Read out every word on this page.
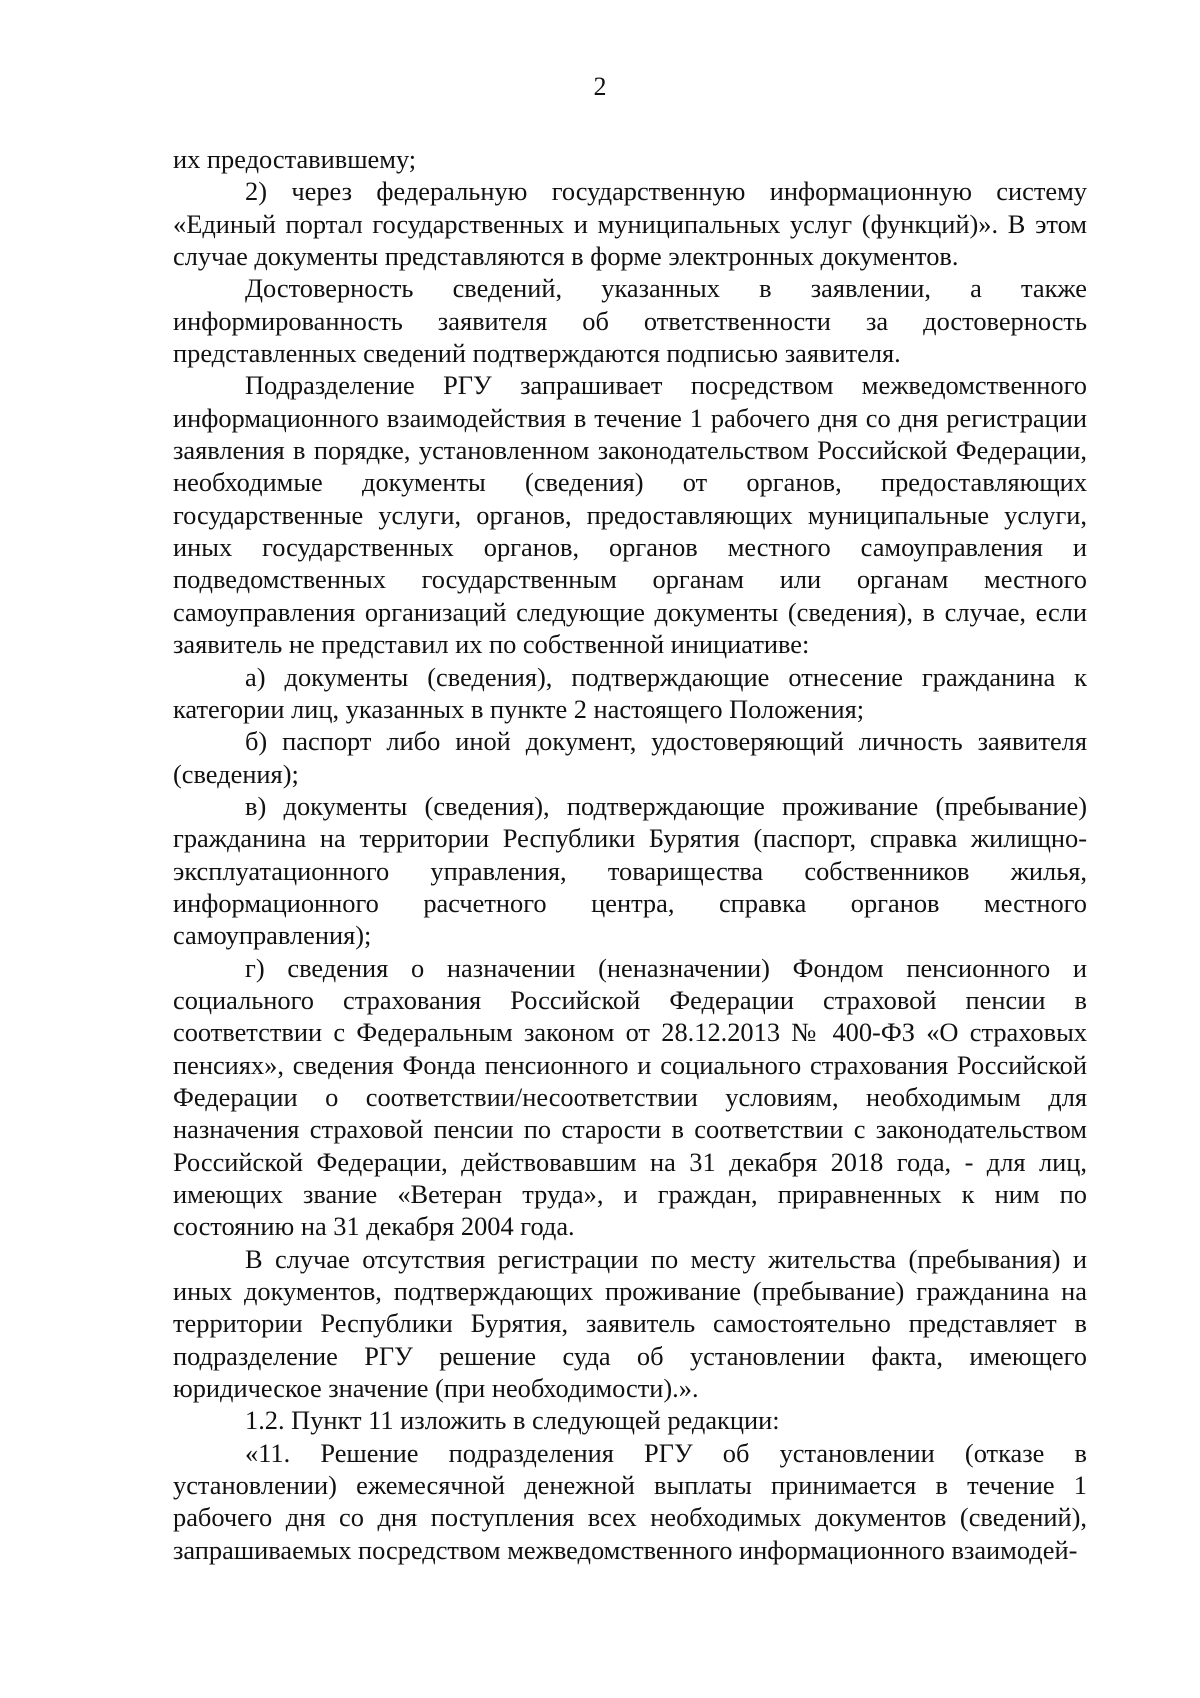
2

их предоставившему;

2) через федеральную государственную информационную систему «Единый портал государственных и муниципальных услуг (функций)». В этом случае документы представляются в форме электронных документов.

Достоверность сведений, указанных в заявлении, а также информированность заявителя об ответственности за достоверность представленных сведений подтверждаются подписью заявителя.

Подразделение РГУ запрашивает посредством межведомственного информационного взаимодействия в течение 1 рабочего дня со дня регистрации заявления в порядке, установленном законодательством Российской Федерации, необходимые документы (сведения) от органов, предоставляющих государственные услуги, органов, предоставляющих муниципальные услуги, иных государственных органов, органов местного самоуправления и подведомственных государственным органам или органам местного самоуправления организаций следующие документы (сведения), в случае, если заявитель не представил их по собственной инициативе:

а) документы (сведения), подтверждающие отнесение гражданина к категории лиц, указанных в пункте 2 настоящего Положения;

б) паспорт либо иной документ, удостоверяющий личность заявителя (сведения);

в) документы (сведения), подтверждающие проживание (пребывание) гражданина на территории Республики Бурятия (паспорт, справка жилищно-эксплуатационного управления, товарищества собственников жилья, информационного расчетного центра, справка органов местного самоуправления);

г) сведения о назначении (неназначении) Фондом пенсионного и социального страхования Российской Федерации страховой пенсии в соответствии с Федеральным законом от 28.12.2013 № 400-ФЗ «О страховых пенсиях», сведения Фонда пенсионного и социального страхования Российской Федерации о соответствии/несоответствии условиям, необходимым для назначения страховой пенсии по старости в соответствии с законодательством Российской Федерации, действовавшим на 31 декабря 2018 года, - для лиц, имеющих звание «Ветеран труда», и граждан, приравненных к ним по состоянию на 31 декабря 2004 года.

В случае отсутствия регистрации по месту жительства (пребывания) и иных документов, подтверждающих проживание (пребывание) гражданина на территории Республики Бурятия, заявитель самостоятельно представляет в подразделение РГУ решение суда об установлении факта, имеющего юридическое значение (при необходимости).».

1.2. Пункт 11 изложить в следующей редакции:

«11. Решение подразделения РГУ об установлении (отказе в установлении) ежемесячной денежной выплаты принимается в течение 1 рабочего дня со дня поступления всех необходимых документов (сведений), запрашиваемых посредством межведомственного информационного взаимодей-
